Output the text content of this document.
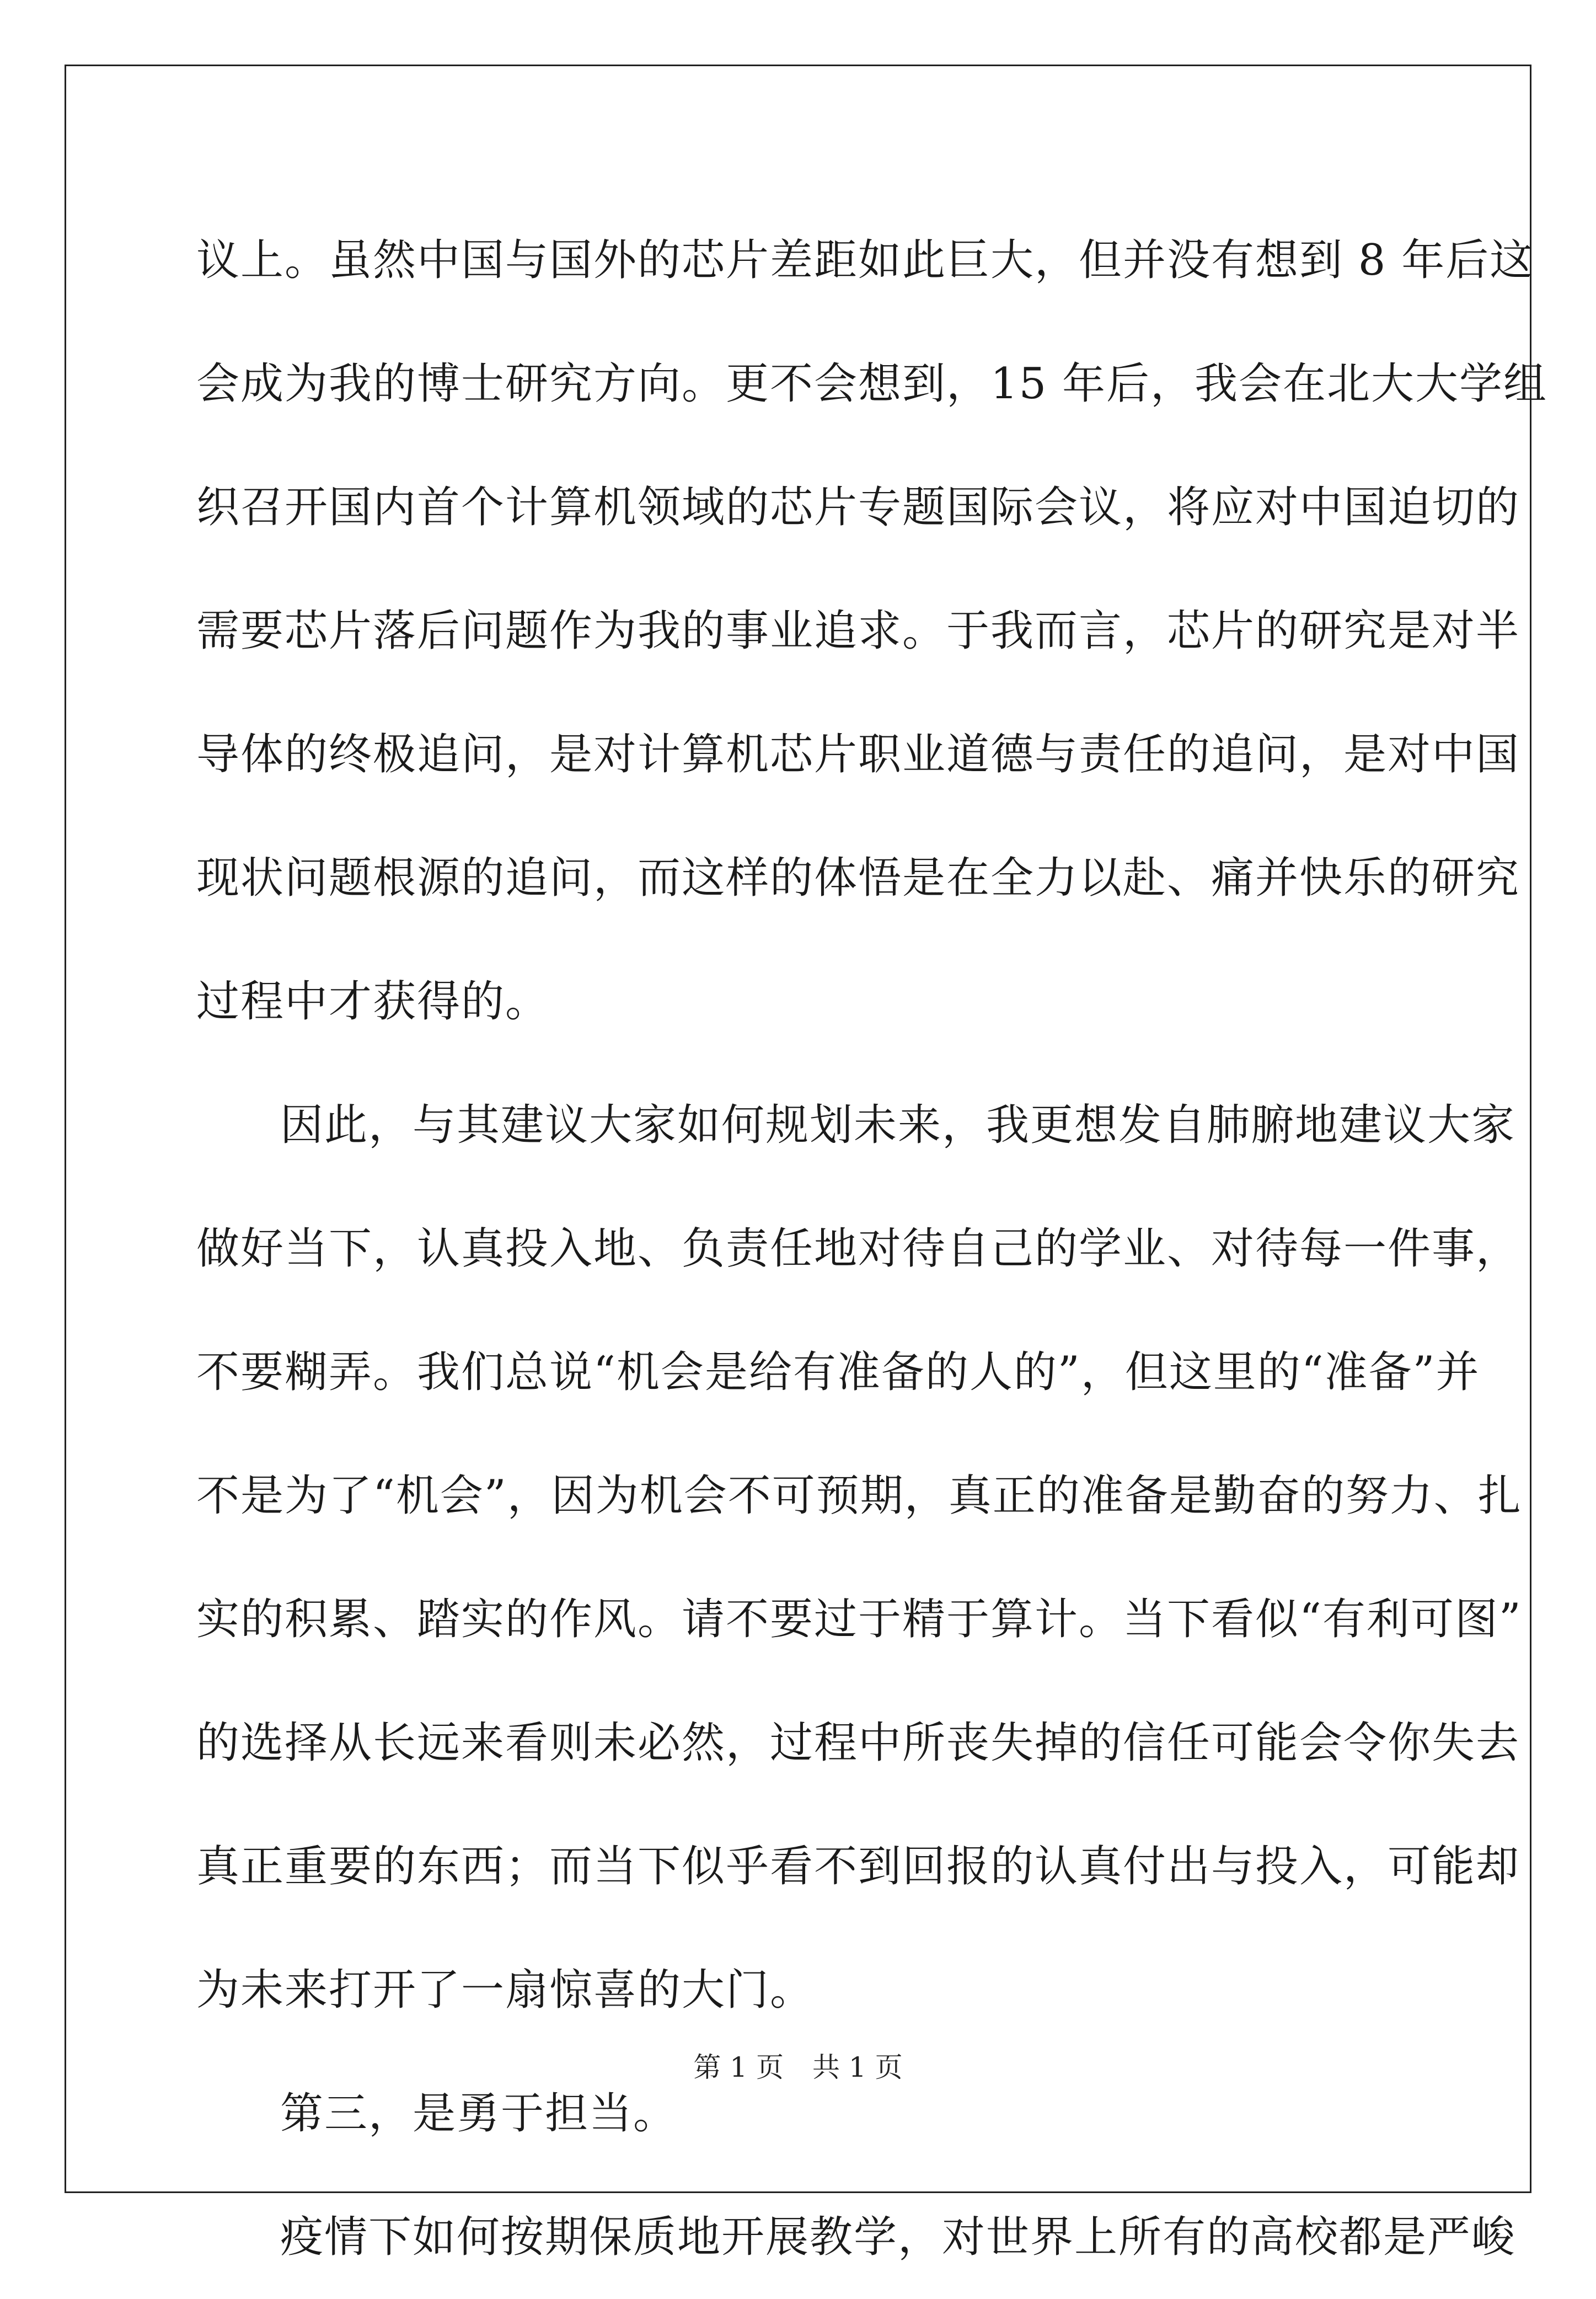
议上。虽然中国与国外的芯片差距如此巨大，但并没有想到 8 年后这
会成为我的博士研究方向。更不会想到，15 年后，我会在北大大学组
织召开国内首个计算机领域的芯片专题国际会议，将应对中国迫切的
需要芯片落后问题作为我的事业追求。于我而言，芯片的研究是对半
导体的终极追问，是对计算机芯片职业道德与责任的追问，是对中国
现状问题根源的追问，而这样的体悟是在全力以赴、痛并快乐的研究
过程中才获得的。
因此，与其建议大家如何规划未来，我更想发自肺腑地建议大家
做好当下，认真投入地、负责任地对待自己的学业、对待每一件事，
不要糊弄。我们总说“机会是给有准备的人的”，但这里的“准备”并
不是为了“机会”，因为机会不可预期，真正的准备是勤奋的努力、扎
实的积累、踏实的作风。请不要过于精于算计。当下看似“有利可图”
的选择从长远来看则未必然，过程中所丧失掉的信任可能会令你失去
真正重要的东西；而当下似乎看不到回报的认真付出与投入，可能却
为未来打开了一扇惊喜的大门。
第三，是勇于担当。
疫情下如何按期保质地开展教学，对世界上所有的高校都是严峻
第 1 页 共 1 页
